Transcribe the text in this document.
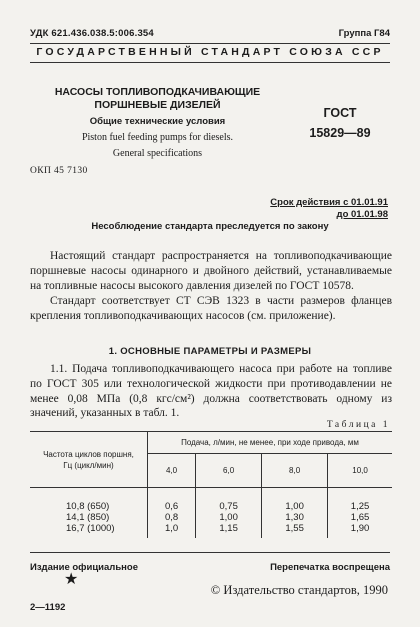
УДК 621.436.038.5:006.354	Группа Г84
ГОСУДАРСТВЕННЫЙ СТАНДАРТ СОЮЗА ССР
НАСОСЫ ТОПЛИВОПОДКАЧИВАЮЩИЕ
ПОРШНЕВЫЕ ДИЗЕЛЕЙ
Общие технические условия
Piston fuel feeding pumps for diesels.
General specifications
ГОСТ
15829—89
ОКП 45 7130
Срок действия с 01.01.91
до 01.01.98
Несоблюдение стандарта преследуется по закону
Настоящий стандарт распространяется на топливоподкачивающие поршневые насосы одинарного и двойного действий, устанавливаемые на топливные насосы высокого давления дизелей по ГОСТ 10578.
Стандарт соответствует СТ СЭВ 1323 в части размеров фланцев крепления топливоподкачивающих насосов (см. приложение).
1. ОСНОВНЫЕ ПАРАМЕТРЫ И РАЗМЕРЫ
1.1. Подача топливоподкачивающего насоса при работе на топливе по ГОСТ 305 или технологической жидкости при противодавлении не менее 0,08 МПа (0,8 кгс/см²) должна соответствовать одному из значений, указанных в табл. 1.
Таблица 1
Частота циклов поршня,
Гц (цикл/мин)	Подача, л/мин, не менее, при ходе привода, мм			
	4,0	6,0	8,0	10,0
10,8 (650)	0,6	0,75	1,00	1,25
14,1 (850)	0,8	1,00	1,30	1,65
16,7 (1000)	1,0	1,15	1,55	1,90
Издание официальное	Перепечатка воспрещена
★
© Издательство стандартов, 1990
2—1192
